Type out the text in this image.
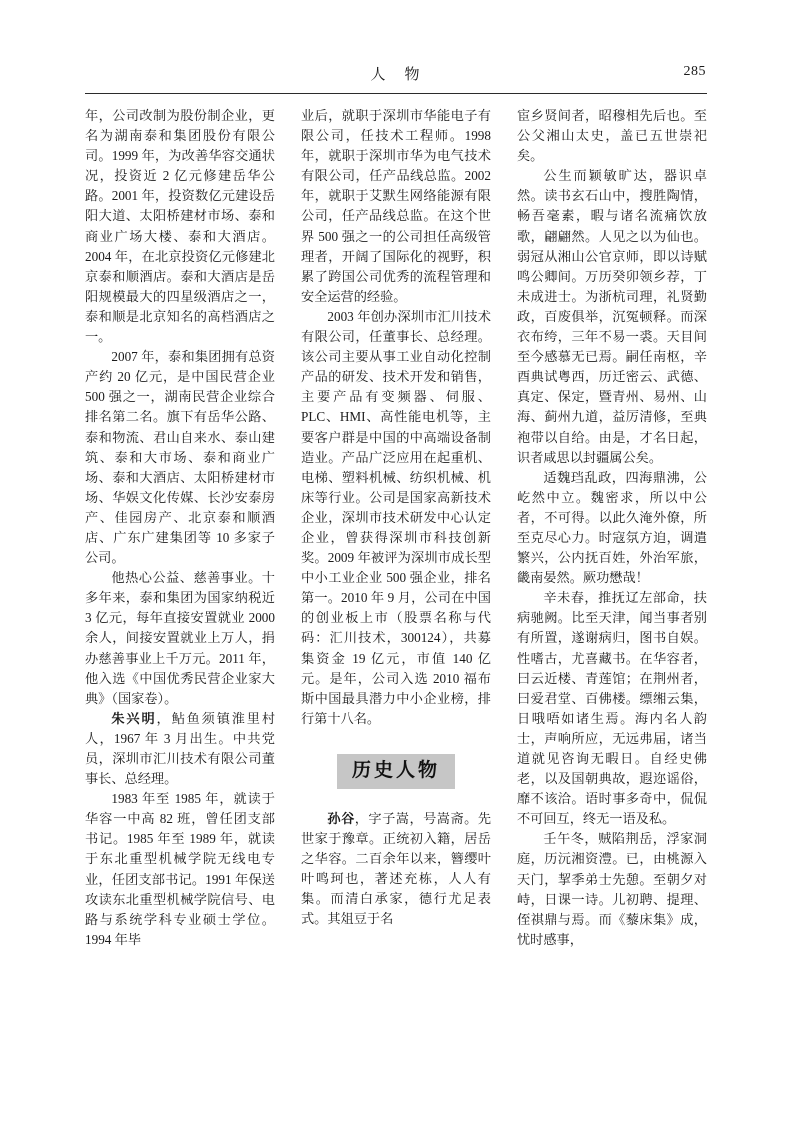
人　物	285

年，公司改制为股份制企业，更名为湖南泰和集团股份有限公司。1999 年，为改善华容交通状况，投资近 2 亿元修建岳华公路。2001 年，投资数亿元建设岳阳大道、太阳桥建材市场、泰和商业广场大楼、泰和大酒店。2004 年，在北京投资亿元修建北京泰和顺酒店。泰和大酒店是岳阳规模最大的四星级酒店之一，泰和顺是北京知名的高档酒店之一。

2007 年，泰和集团拥有总资产约 20 亿元，是中国民营企业 500 强之一，湖南民营企业综合排名第二名。旗下有岳华公路、泰和物流、君山自来水、泰山建筑、泰和大市场、泰和商业广场、泰和大酒店、太阳桥建材市场、华娱文化传媒、长沙安泰房产、佳园房产、北京泰和顺酒店、广东广建集团等 10 多家子公司。

他热心公益、慈善事业。十多年来，泰和集团为国家纳税近 3 亿元，每年直接安置就业 2000 余人，间接安置就业上万人，捐办慈善事业上千万元。2011 年，他入选《中国优秀民营企业家大典》（国家卷）。

朱兴明，鲇鱼须镇淮里村人，1967 年 3 月出生。中共党员，深圳市汇川技术有限公司董事长、总经理。

1983 年至 1985 年，就读于华容一中高 82 班，曾任团支部书记。1985 年至 1989 年，就读于东北重型机械学院无线电专业，任团支部书记。1991 年保送攻读东北重型机械学院信号、电路与系统学科专业硕士学位。1994 年毕

业后，就职于深圳市华能电子有限公司，任技术工程师。1998 年，就职于深圳市华为电气技术有限公司，任产品线总监。2002 年，就职于艾默生网络能源有限公司，任产品线总监。在这个世界 500 强之一的公司担任高级管理者，开阔了国际化的视野，积累了跨国公司优秀的流程管理和安全运营的经验。

2003 年创办深圳市汇川技术有限公司，任董事长、总经理。该公司主要从事工业自动化控制产品的研发、技术开发和销售，主要产品有变频器、伺服、PLC、HMI、高性能电机等，主要客户群是中国的中高端设备制造业。产品广泛应用在起重机、电梯、塑料机械、纺织机械、机床等行业。公司是国家高新技术企业，深圳市技术研发中心认定企业，曾获得深圳市科技创新奖。2009 年被评为深圳市成长型中小工业企业 500 强企业，排名第一。2010 年 9 月，公司在中国的创业板上市（股票名称与代码：汇川技术，300124），共募集资金 19 亿元，市值 140 亿元。是年，公司入选 2010 福布斯中国最具潜力中小企业榜，排行第十八名。

历史人物

孙谷，字子嵩，号嵩斋。先世家于豫章。正统初入籍，居岳之华容。二百余年以来，簪缨叶叶鸣珂也，著述充栋，人人有集。而清白承家，德行尤足表式。其俎豆于名

宦乡贤间者，昭穆相先后也。至公父湘山太史，盖已五世崇祀矣。

公生而颖敏旷达，器识卓然。读书玄石山中，搜胜陶情，畅吾毫素，暇与诸名流痛饮放歌，翩翩然。人见之以为仙也。弱冠从湘山公官京师，即以诗赋鸣公卿间。万历癸卯领乡荐，丁未成进士。为浙杭司理，礼贤勤政，百废俱举，沉冤顿释。而深衣布绔，三年不易一裘。天目间至今感慕无已焉。嗣任南枢，辛酉典试粤西，历迁密云、武德、真定、保定，暨青州、易州、山海、蓟州九道，益厉清修，至典袍带以自给。由是，才名日起，识者咸思以封疆属公矣。

适魏珰乱政，四海鼎沸，公屹然中立。魏密求，所以中公者，不可得。以此久淹外僚，所至克尽心力。时寇氛方迫，调遣繁兴，公内抚百姓，外治军旅，畿南晏然。厥功懋哉！

辛未春，推抚辽左部命，扶病驰阙。比至天津，闻当事者别有所置，遂谢病归，图书自娱。性嗜古，尤喜藏书。在华容者，曰云近楼、青莲馆；在荆州者，曰爱君堂、百佛楼。缥缃云集，日哦唔如诸生焉。海内名人韵士，声响所应，无远弗届，诸当道就见咨询无暇日。自经史佛老，以及国朝典故，遐迩谣俗，靡不该洽。语时事多奇中，侃侃不可回互，终无一语及私。

壬午冬，贼陷荆岳，浮家洞庭，历沅湘资澧。已，由桃源入天门，挈季弟士先憩。至朝夕对峙，日课一诗。儿初聘、提理、侄祺鼎与焉。而《藜床集》成，忧时感事，
